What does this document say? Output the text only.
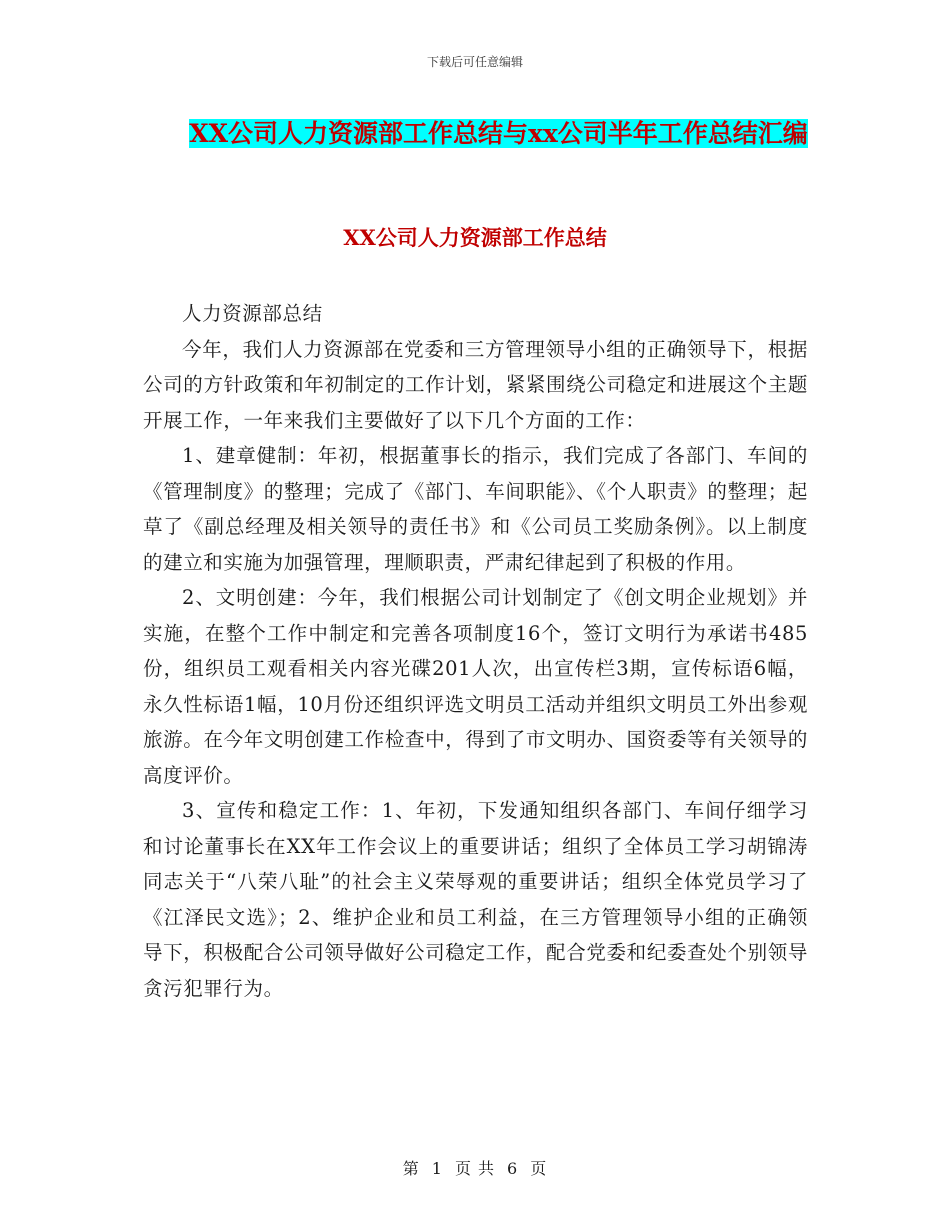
下载后可任意编辑
XX公司人力资源部工作总结与xx公司半年工作总结汇编
XX公司人力资源部工作总结

人力资源部总结

今年，我们人力资源部在党委和三方管理领导小组的正确领导下，根据公司的方针政策和年初制定的工作计划，紧紧围绕公司稳定和进展这个主题开展工作，一年来我们主要做好了以下几个方面的工作：

1、建章健制：年初，根据董事长的指示，我们完成了各部门、车间的《管理制度》的整理；完成了《部门、车间职能》、《个人职责》的整理；起草了《副总经理及相关领导的责任书》和《公司员工奖励条例》。以上制度的建立和实施为加强管理，理顺职责，严肃纪律起到了积极的作用。

2、文明创建：今年，我们根据公司计划制定了《创文明企业规划》并实施，在整个工作中制定和完善各项制度16个，签订文明行为承诺书485份，组织员工观看相关内容光碟201人次，出宣传栏3期，宣传标语6幅，永久性标语1幅，10月份还组织评选文明员工活动并组织文明员工外出参观旅游。在今年文明创建工作检查中，得到了市文明办、国资委等有关领导的高度评价。

3、宣传和稳定工作：1、年初，下发通知组织各部门、车间仔细学习和讨论董事长在XX年工作会议上的重要讲话；组织了全体员工学习胡锦涛同志关于“八荣八耻”的社会主义荣辱观的重要讲话；组织全体党员学习了《江泽民文选》；2、维护企业和员工利益，在三方管理领导小组的正确领导下，积极配合公司领导做好公司稳定工作，配合党委和纪委查处个别领导贪污犯罪行为。

第 1 页 共 6 页
